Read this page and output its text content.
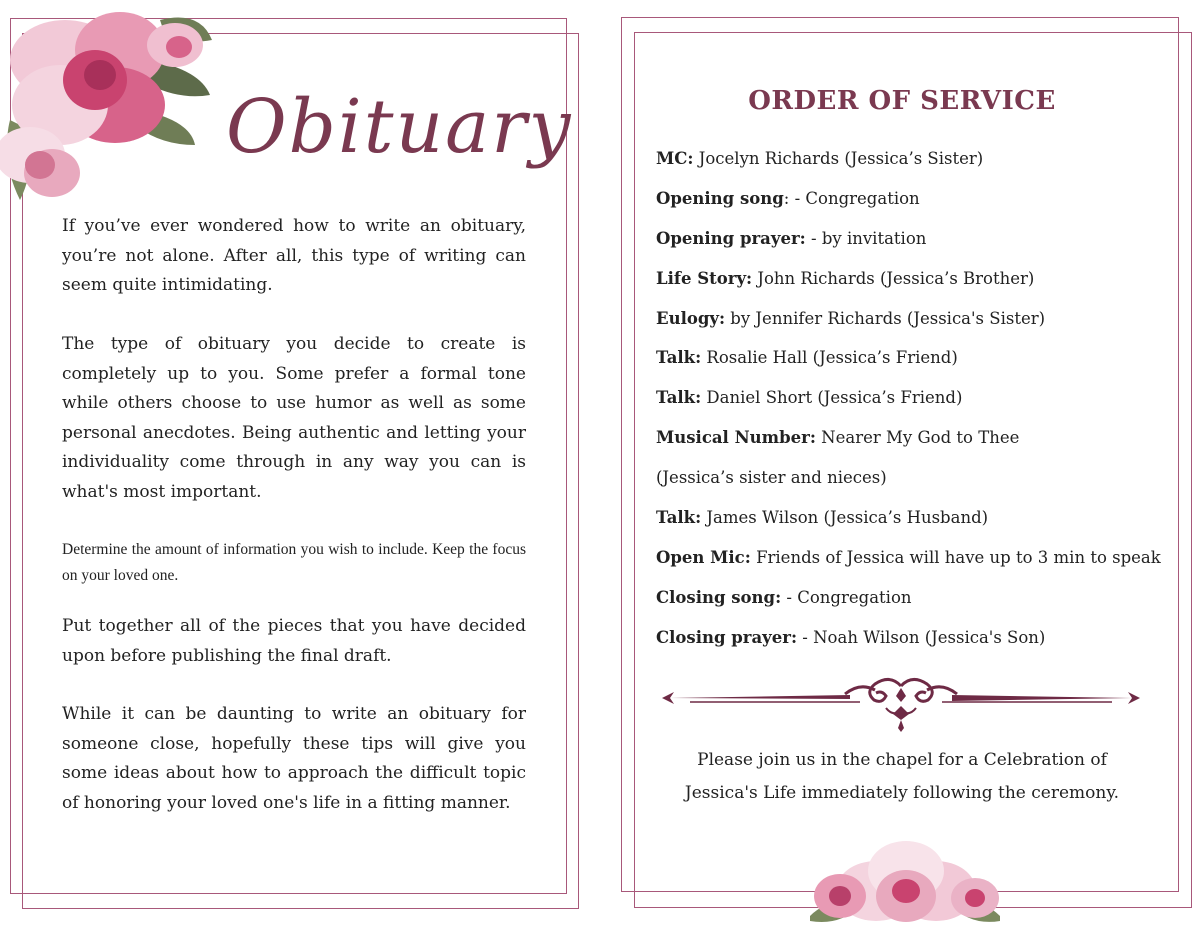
Obituary
If you’ve ever wondered how to write an obituary, you’re not alone. After all, this type of writing can seem quite intimidating.
The type of obituary you decide to create is completely up to you. Some prefer a formal tone while others choose to use humor as well as some personal anecdotes. Being authentic and letting your individuality come through in any way you can is what's most important.
Determine the amount of information you wish to include. Keep the focus on your loved one.
Put together all of the pieces that you have decided upon before publishing the final draft.
While it can be daunting to write an obituary for someone close, hopefully these tips will give you some ideas about how to approach the difficult topic of honoring your loved one's life in a fitting manner.
ORDER OF SERVICE
MC: Jocelyn Richards (Jessica’s Sister)
Opening song: - Congregation
Opening prayer: - by invitation
Life Story: John Richards (Jessica’s Brother)
Eulogy: by Jennifer Richards (Jessica's Sister)
Talk: Rosalie Hall (Jessica’s Friend)
Talk: Daniel Short (Jessica’s Friend)
Musical Number: Nearer My God to Thee
(Jessica’s sister and nieces)
Talk: James Wilson (Jessica’s Husband)
Open Mic: Friends of Jessica will have up to 3 min to speak
Closing song: - Congregation
Closing prayer: - Noah Wilson (Jessica's Son)
Please join us in the chapel for a Celebration of
Jessica's Life immediately following the ceremony.
